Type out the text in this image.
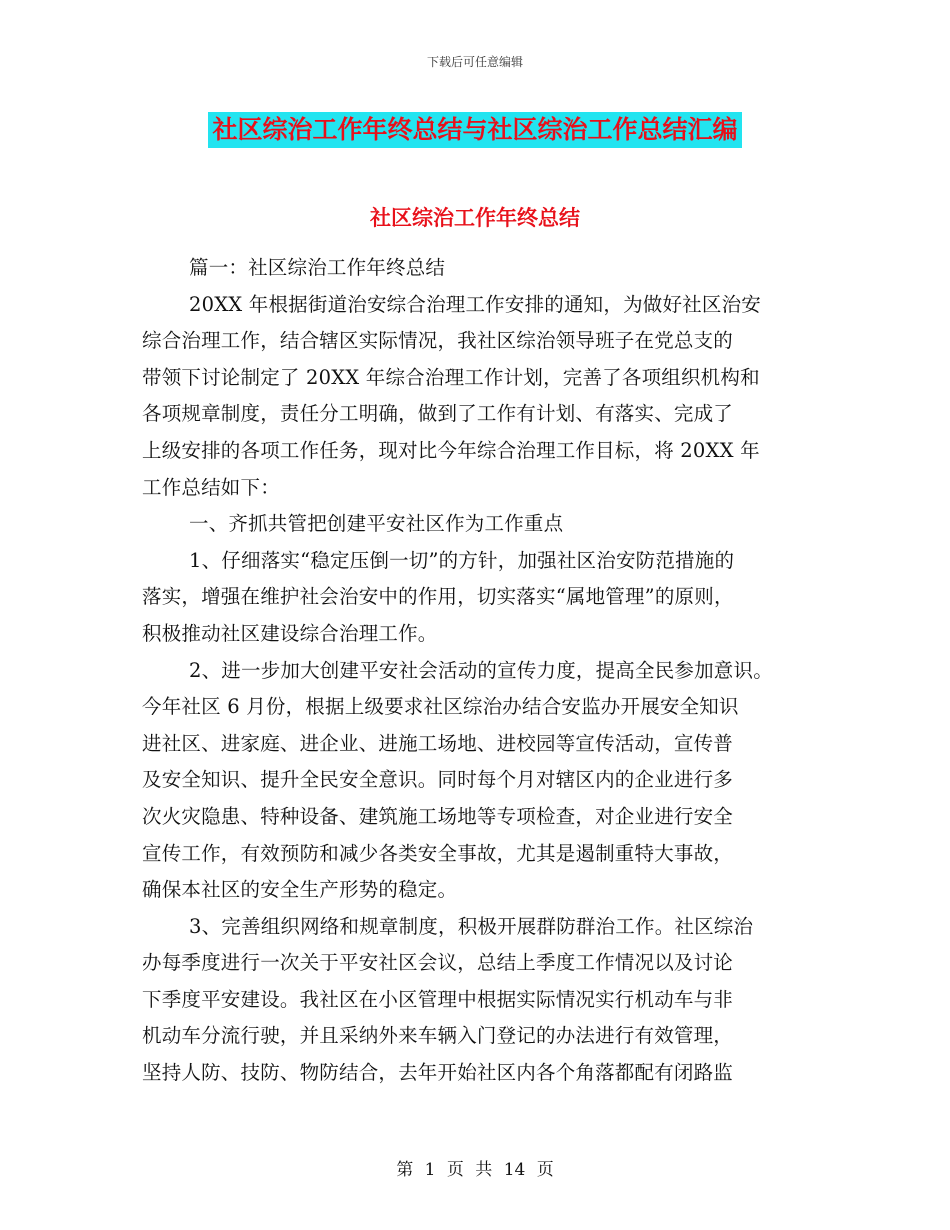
下载后可任意编辑
社区综治工作年终总结与社区综治工作总结汇编
社区综治工作年终总结
篇一：社区综治工作年终总结
20XX 年根据街道治安综合治理工作安排的通知，为做好社区治安
综合治理工作，结合辖区实际情况，我社区综治领导班子在党总支的
带领下讨论制定了 20XX 年综合治理工作计划，完善了各项组织机构和
各项规章制度，责任分工明确，做到了工作有计划、有落实、完成了
上级安排的各项工作任务，现对比今年综合治理工作目标，将 20XX 年
工作总结如下：
一、齐抓共管把创建平安社区作为工作重点
1、仔细落实“稳定压倒一切”的方针，加强社区治安防范措施的
落实，增强在维护社会治安中的作用，切实落实“属地管理”的原则，
积极推动社区建设综合治理工作。
2、进一步加大创建平安社会活动的宣传力度，提高全民参加意识。
今年社区 6 月份，根据上级要求社区综治办结合安监办开展安全知识
进社区、进家庭、进企业、进施工场地、进校园等宣传活动，宣传普
及安全知识、提升全民安全意识。同时每个月对辖区内的企业进行多
次火灾隐患、特种设备、建筑施工场地等专项检查，对企业进行安全
宣传工作，有效预防和减少各类安全事故，尤其是遏制重特大事故，
确保本社区的安全生产形势的稳定。
3、完善组织网络和规章制度，积极开展群防群治工作。社区综治
办每季度进行一次关于平安社区会议，总结上季度工作情况以及讨论
下季度平安建设。我社区在小区管理中根据实际情况实行机动车与非
机动车分流行驶，并且采纳外来车辆入门登记的办法进行有效管理，
坚持人防、技防、物防结合，去年开始社区内各个角落都配有闭路监
第 1 页 共 14 页
